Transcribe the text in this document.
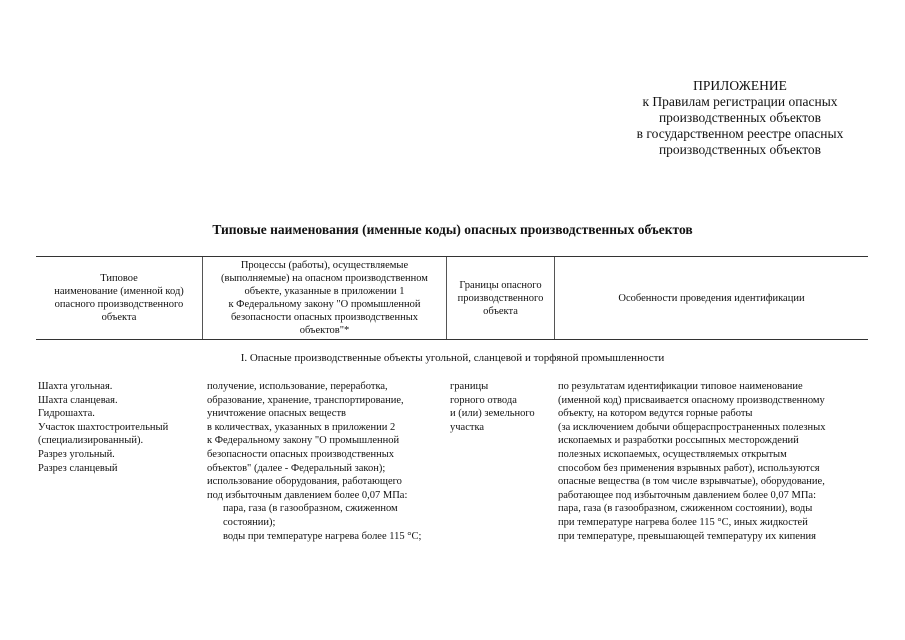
ПРИЛОЖЕНИЕ
к Правилам регистрации опасных
производственных объектов
в государственном реестре опасных
производственных объектов
Типовые наименования (именные коды) опасных производственных объектов
Типовое
наименование (именной код)
опасного производственного
объекта
Процессы (работы), осуществляемые
(выполняемые) на опасном производственном
объекте, указанные в приложении 1
к Федеральному закону "О промышленной
безопасности опасных производственных
объектов"*
Границы опасного
производственного
объекта
Особенности проведения идентификации
I. Опасные производственные объекты угольной, сланцевой и торфяной промышленности
Шахта угольная.
Шахта сланцевая.
Гидрошахта.
Участок шахтостроительный
(специализированный).
Разрез угольный.
Разрез сланцевый
получение, использование, переработка,
образование, хранение, транспортирование,
уничтожение опасных веществ
в количествах, указанных в приложении 2
к Федеральному закону "О промышленной
безопасности опасных производственных
объектов" (далее - Федеральный закон);
использование оборудования, работающего
под избыточным давлением более 0,07 МПа:
пара, газа (в газообразном, сжиженном
состоянии);
воды при температуре нагрева более 115 °C;
границы
горного отвода
и (или) земельного
участка
по результатам идентификации типовое наименование
(именной код) присваивается опасному производственному
объекту, на котором ведутся горные работы
(за исключением добычи общераспространенных полезных
ископаемых и разработки россыпных месторождений
полезных ископаемых, осуществляемых открытым
способом без применения взрывных работ), используются
опасные вещества (в том числе взрывчатые), оборудование,
работающее под избыточным давлением более 0,07 МПа:
пара, газа (в газообразном, сжиженном состоянии), воды
при температуре нагрева более 115 °C, иных жидкостей
при температуре, превышающей температуру их кипения
